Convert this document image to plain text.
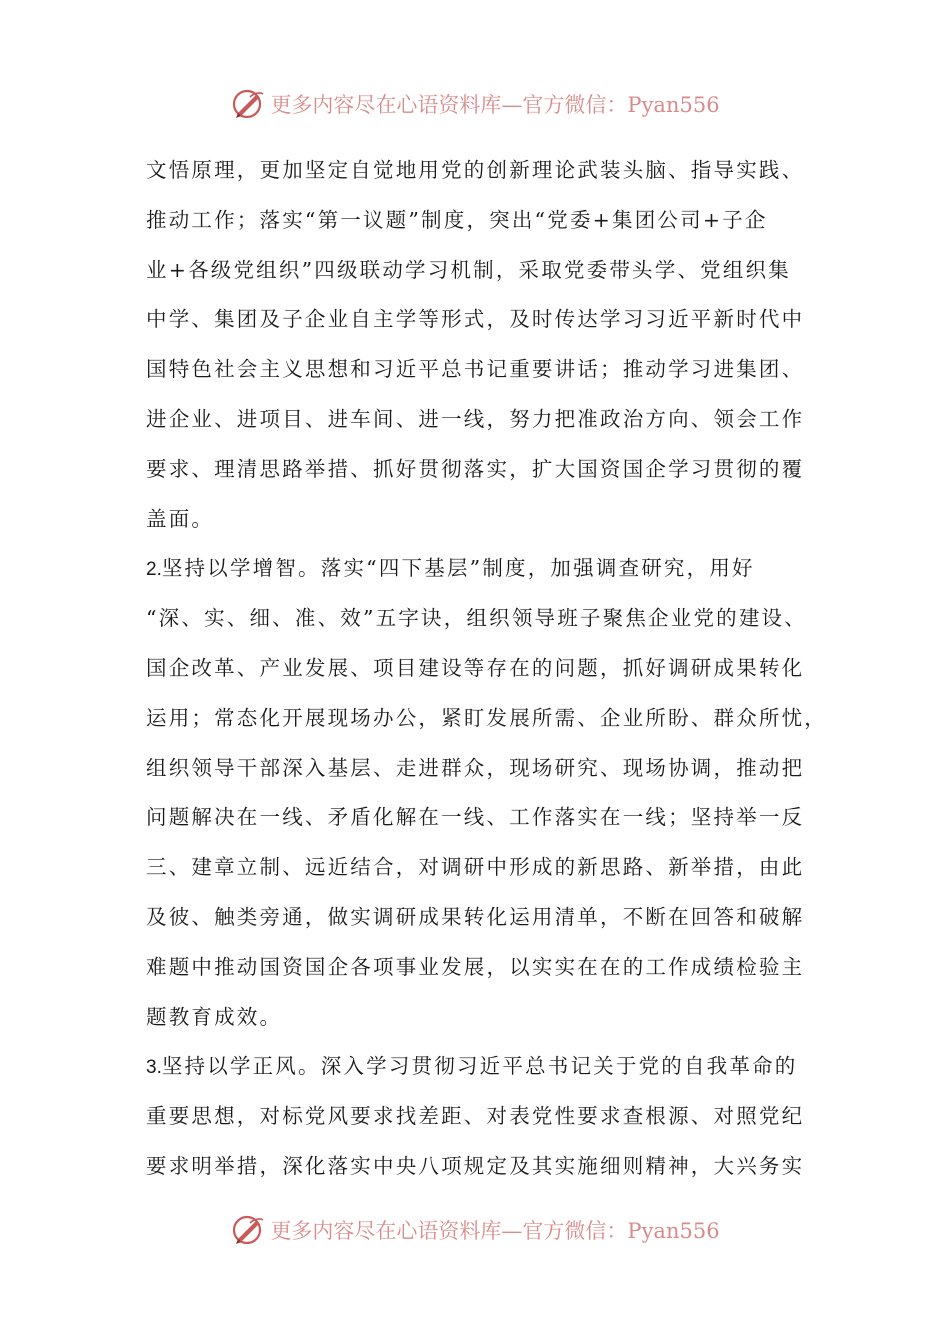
更多内容尽在心语资料库—官方微信：Pyan556
文悟原理，更加坚定自觉地用党的创新理论武装头脑、指导实践、
推动工作；落实“第一议题”制度，突出“党委+集团公司+子企
业+各级党组织”四级联动学习机制，采取党委带头学、党组织集
中学、集团及子企业自主学等形式，及时传达学习习近平新时代中
国特色社会主义思想和习近平总书记重要讲话；推动学习进集团、
进企业、进项目、进车间、进一线，努力把准政治方向、领会工作
要求、理清思路举措、抓好贯彻落实，扩大国资国企学习贯彻的覆
盖面。
2.坚持以学增智。落实“四下基层”制度，加强调查研究，用好
“深、实、细、准、效”五字诀，组织领导班子聚焦企业党的建设、
国企改革、产业发展、项目建设等存在的问题，抓好调研成果转化
运用；常态化开展现场办公，紧盯发展所需、企业所盼、群众所忧，
组织领导干部深入基层、走进群众，现场研究、现场协调，推动把
问题解决在一线、矛盾化解在一线、工作落实在一线；坚持举一反
三、建章立制、远近结合，对调研中形成的新思路、新举措，由此
及彼、触类旁通，做实调研成果转化运用清单，不断在回答和破解
难题中推动国资国企各项事业发展，以实实在在的工作成绩检验主
题教育成效。
3.坚持以学正风。深入学习贯彻习近平总书记关于党的自我革命的
重要思想，对标党风要求找差距、对表党性要求查根源、对照党纪
要求明举措，深化落实中央八项规定及其实施细则精神，大兴务实
更多内容尽在心语资料库—官方微信：Pyan556
